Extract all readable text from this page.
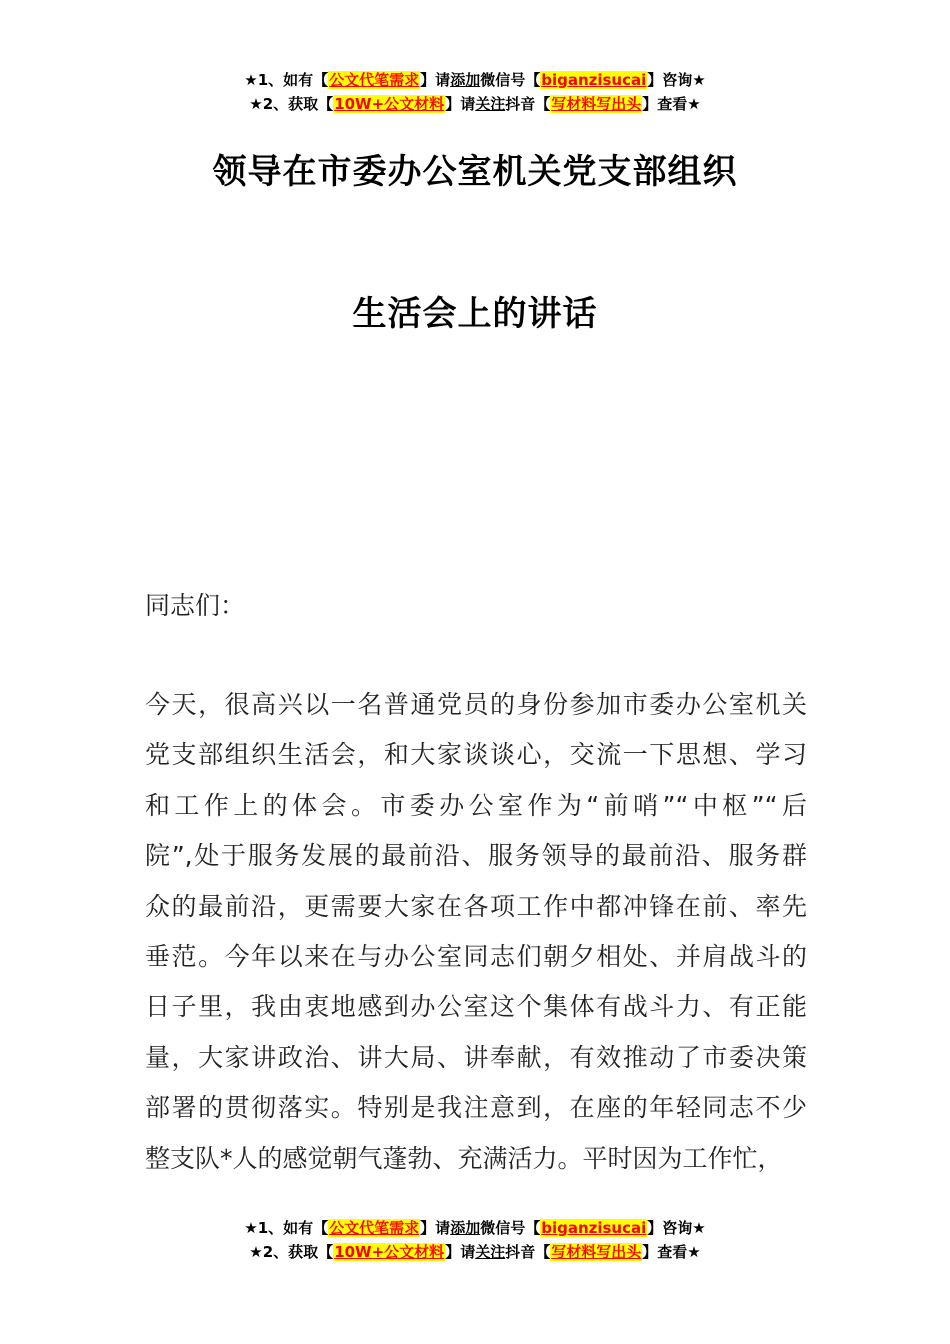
★1、如有【公文代笔需求】请添加微信号【biganzisucai】咨询★
★2、获取【10W+公文材料】请关注抖音【写材料写出头】查看★
领导在市委办公室机关党支部组织
生活会上的讲话
同志们：
今天，很高兴以一名普通党员的身份参加市委办公室机关
党支部组织生活会，和大家谈谈心，交流一下思想、学习
和工作上的体会。市委办公室作为“前哨”“中枢”“后
院”,处于服务发展的最前沿、服务领导的最前沿、服务群
众的最前沿，更需要大家在各项工作中都冲锋在前、率先
垂范。今年以来在与办公室同志们朝夕相处、并肩战斗的
日子里，我由衷地感到办公室这个集体有战斗力、有正能
量，大家讲政治、讲大局、讲奉献，有效推动了市委决策
部署的贯彻落实。特别是我注意到，在座的年轻同志不少
整支队*人的感觉朝气蓬勃、充满活力。平时因为工作忙，
★1、如有【公文代笔需求】请添加微信号【biganzisucai】咨询★
★2、获取【10W+公文材料】请关注抖音【写材料写出头】查看★
